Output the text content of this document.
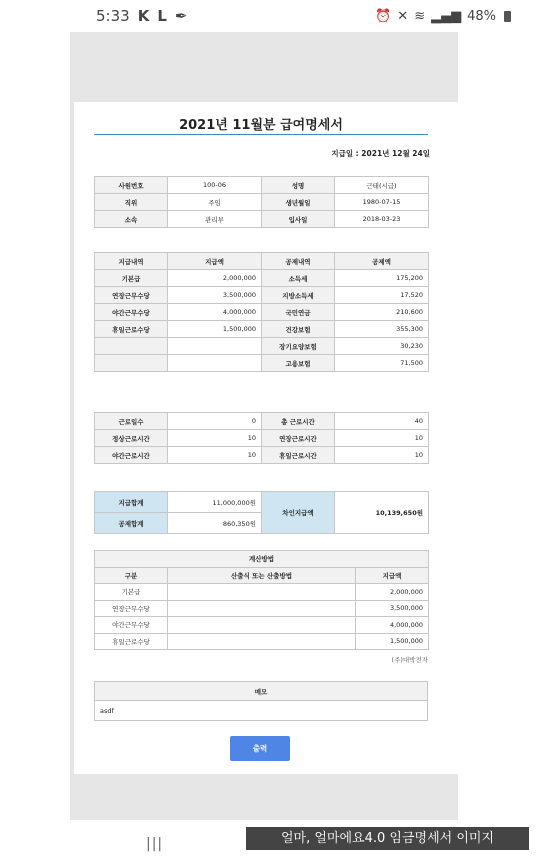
5:33 K L ✒	⏰ ✕ ≋ ▂▄▆ 48%
2021년 11월분 급여명세서
지급일 : 2021년 12월 24일
사원번호	100-06	성명	근태(시급)
직위	주임	생년월일	1980-07-15
소속	관리부	입사일	2018-03-23
지급내역	지급액	공제내역	공제액
기본급	2,000,000	소득세	175,200
연장근무수당	3,500,000	지방소득세	17,520
야간근무수당	4,000,000	국민연금	210,600
휴일근로수당	1,500,000	건강보험	355,300
		장기요양보험	30,230
		고용보험	71,500
근로일수	0	총 근로시간	40
정상근로시간	10	연장근로시간	10
야간근로시간	10	휴일근로시간	10
지급합계	11,000,000원	차인지급액	10,139,650원
공제합계	860,350원		
계산방법		
구분	산출식 또는 산출방법	지급액
기본급		2,000,000
연장근무수당		3,500,000
야간근무수당		4,000,000
휴일근로수당		1,500,000
(주)대박전자
메모
asdf
출력
|||	얼마, 얼마에요4.0 임금명세서 이미지
